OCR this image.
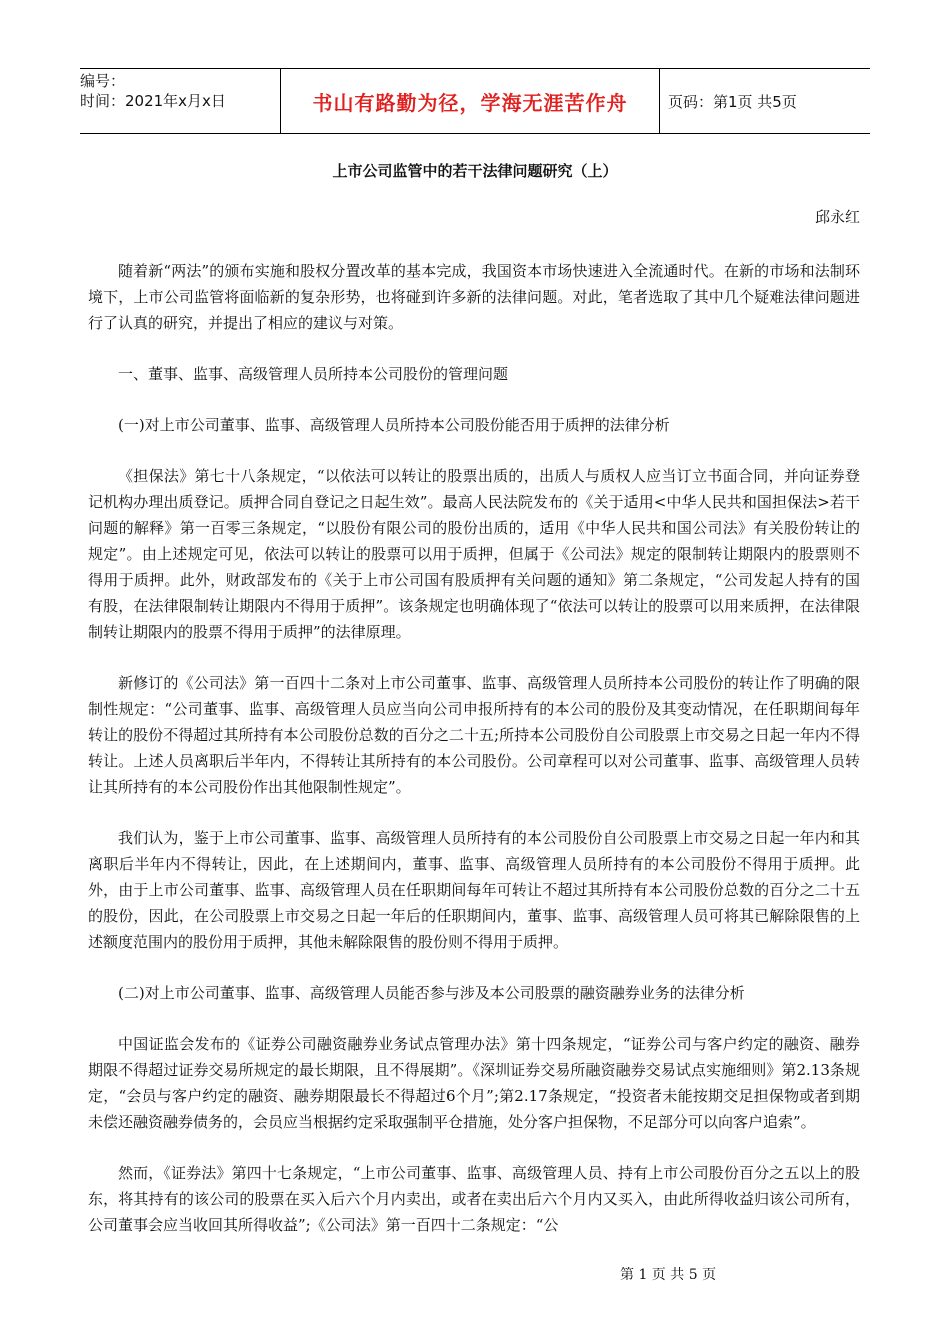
编号：
时间：2021年x月x日	书山有路勤为径，学海无涯苦作舟	页码：第1页 共5页
上市公司监管中的若干法律问题研究（上）
邱永红

随着新“两法”的颁布实施和股权分置改革的基本完成，我国资本市场快速进入全流通时代。在新的市场和法制环境下，上市公司监管将面临新的复杂形势，也将碰到许多新的法律问题。对此，笔者选取了其中几个疑难法律问题进行了认真的研究，并提出了相应的建议与对策。

一、董事、监事、高级管理人员所持本公司股份的管理问题

(一)对上市公司董事、监事、高级管理人员所持本公司股份能否用于质押的法律分析

《担保法》第七十八条规定，“以依法可以转让的股票出质的，出质人与质权人应当订立书面合同，并向证券登记机构办理出质登记。质押合同自登记之日起生效”。最高人民法院发布的《关于适用<中华人民共和国担保法>若干问题的解释》第一百零三条规定，“以股份有限公司的股份出质的，适用《中华人民共和国公司法》有关股份转让的规定”。由上述规定可见，依法可以转让的股票可以用于质押，但属于《公司法》规定的限制转让期限内的股票则不得用于质押。此外，财政部发布的《关于上市公司国有股质押有关问题的通知》第二条规定，“公司发起人持有的国有股，在法律限制转让期限内不得用于质押”。该条规定也明确体现了“依法可以转让的股票可以用来质押，在法律限制转让期限内的股票不得用于质押”的法律原理。

新修订的《公司法》第一百四十二条对上市公司董事、监事、高级管理人员所持本公司股份的转让作了明确的限制性规定：“公司董事、监事、高级管理人员应当向公司申报所持有的本公司的股份及其变动情况，在任职期间每年转让的股份不得超过其所持有本公司股份总数的百分之二十五;所持本公司股份自公司股票上市交易之日起一年内不得转让。上述人员离职后半年内，不得转让其所持有的本公司股份。公司章程可以对公司董事、监事、高级管理人员转让其所持有的本公司股份作出其他限制性规定”。

我们认为，鉴于上市公司董事、监事、高级管理人员所持有的本公司股份自公司股票上市交易之日起一年内和其离职后半年内不得转让，因此，在上述期间内，董事、监事、高级管理人员所持有的本公司股份不得用于质押。此外，由于上市公司董事、监事、高级管理人员在任职期间每年可转让不超过其所持有本公司股份总数的百分之二十五的股份，因此，在公司股票上市交易之日起一年后的任职期间内，董事、监事、高级管理人员可将其已解除限售的上述额度范围内的股份用于质押，其他未解除限售的股份则不得用于质押。

(二)对上市公司董事、监事、高级管理人员能否参与涉及本公司股票的融资融券业务的法律分析

中国证监会发布的《证券公司融资融券业务试点管理办法》第十四条规定，“证券公司与客户约定的融资、融券期限不得超过证券交易所规定的最长期限，且不得展期”。《深圳证券交易所融资融券交易试点实施细则》第2.13条规定，“会员与客户约定的融资、融券期限最长不得超过6个月”;第2.17条规定，“投资者未能按期交足担保物或者到期未偿还融资融券债务的，会员应当根据约定采取强制平仓措施，处分客户担保物，不足部分可以向客户追索”。

然而，《证券法》第四十七条规定，“上市公司董事、监事、高级管理人员、持有上市公司股份百分之五以上的股东，将其持有的该公司的股票在买入后六个月内卖出，或者在卖出后六个月内又买入，由此所得收益归该公司所有，公司董事会应当收回其所得收益”;《公司法》第一百四十二条规定：“公

第 1 页 共 5 页
